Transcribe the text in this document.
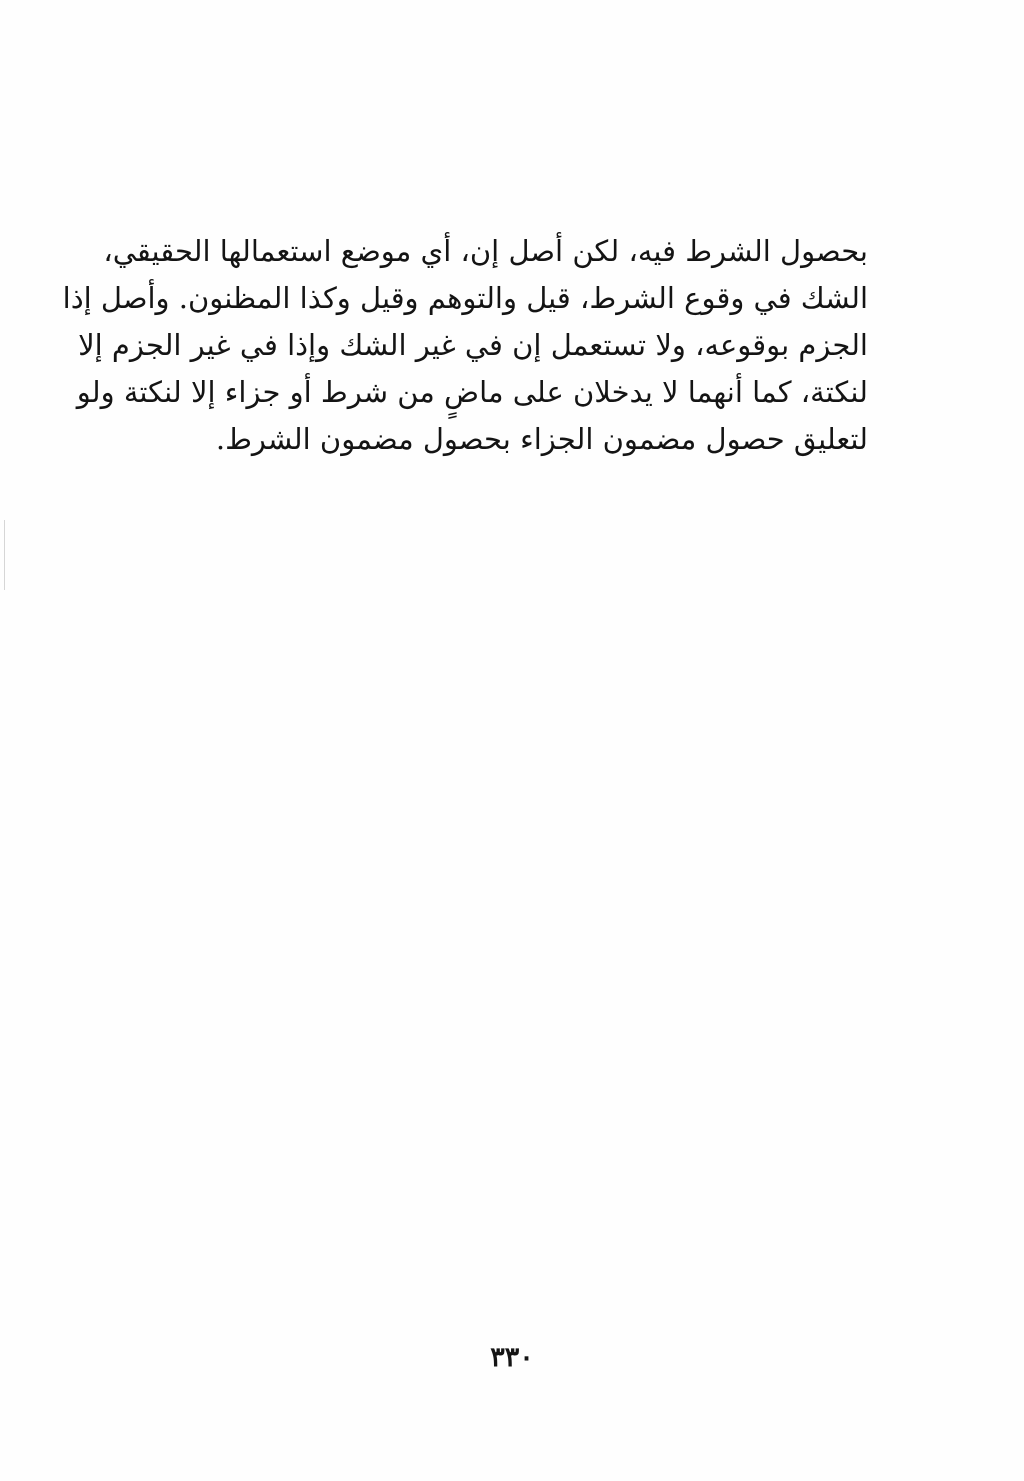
بحصول الشرط فيه، لكن أصل إن، أي موضع استعمالها الحقيقي،
الشك في وقوع الشرط، قيل والتوهم وقيل وكذا المظنون. وأصل إذا
الجزم بوقوعه، ولا تستعمل إن في غير الشك وإذا في غير الجزم إلا
لنكتة، كما أنهما لا يدخلان على ماضٍ من شرط أو جزاء إلا لنكتة ولو
لتعليق حصول مضمون الجزاء بحصول مضمون الشرط.
٣٣٠
